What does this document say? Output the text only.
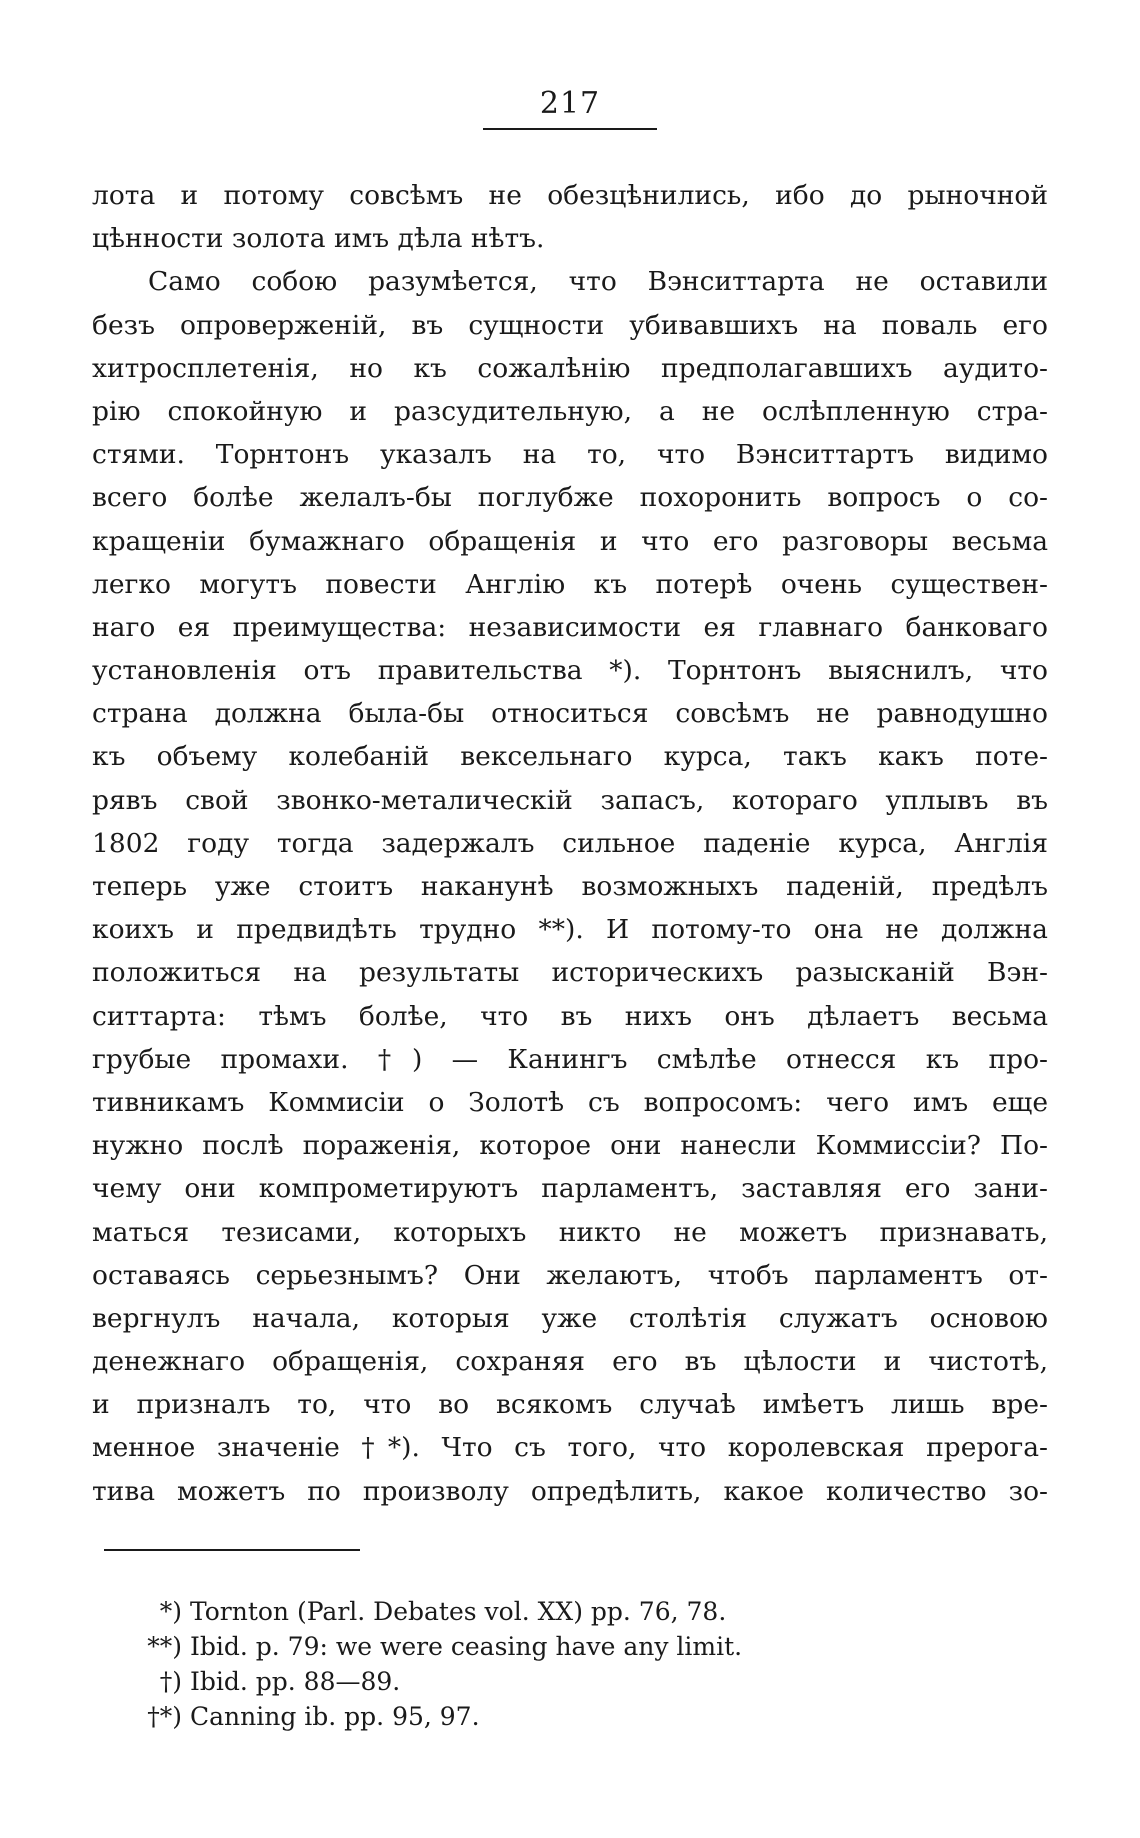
217
лота и потому совсѣмъ не обезцѣнились, ибо до рыночной
цѣнности золота имъ дѣла нѣтъ.
Само собою разумѣется, что Вэнситтарта не оставили
безъ опроверженій, въ сущности убивавшихъ на поваль его
хитросплетенія, но къ сожалѣнію предполагавшихъ аудито-
рію спокойную и разсудительную, а не ослѣпленную стра-
стями. Торнтонъ указалъ на то, что Вэнситтартъ видимо
всего болѣе желалъ-бы поглубже похоронить вопросъ о со-
кращеніи бумажнаго обращенія и что его разговоры весьма
легко могутъ повести Англію къ потерѣ очень существен-
наго ея преимущества: независимости ея главнаго банковаго
установленія отъ правительства *). Торнтонъ выяснилъ, что
страна должна была-бы относиться совсѣмъ не равнодушно
къ объему колебаній вексельнаго курса, такъ какъ поте-
рявъ свой звонко-металическій запасъ, котораго уплывъ въ
1802 году тогда задержалъ сильное паденіе курса, Англія
теперь уже стоитъ наканунѣ возможныхъ паденій, предѣлъ
коихъ и предвидѣть трудно **). И потому-то она не должна
положиться на результаты историческихъ разысканій Вэн-
ситтарта: тѣмъ болѣе, что въ нихъ онъ дѣлаетъ весьма
грубые промахи. †) — Канингъ смѣлѣе отнесся къ про-
тивникамъ Коммисіи о Золотѣ съ вопросомъ: чего имъ еще
нужно послѣ пораженія, которое они нанесли Коммиссіи? По-
чему они компрометируютъ парламентъ, заставляя его зани-
маться тезисами, которыхъ никто не можетъ признавать,
оставаясь серьезнымъ? Они желаютъ, чтобъ парламентъ от-
вергнулъ начала, которыя уже столѣтія служатъ основою
денежнаго обращенія, сохраняя его въ цѣлости и чистотѣ,
и призналъ то, что во всякомъ случаѣ имѣетъ лишь вре-
менное значеніе †*). Что съ того, что королевская прерога-
тива можетъ по произволу опредѣлить, какое количество зо-
*) Tornton (Parl. Debates vol. XX) pp. 76, 78.
**) Ibid. p. 79: we were ceasing have any limit.
†) Ibid. pp. 88—89.
†*) Canning ib. pp. 95, 97.
